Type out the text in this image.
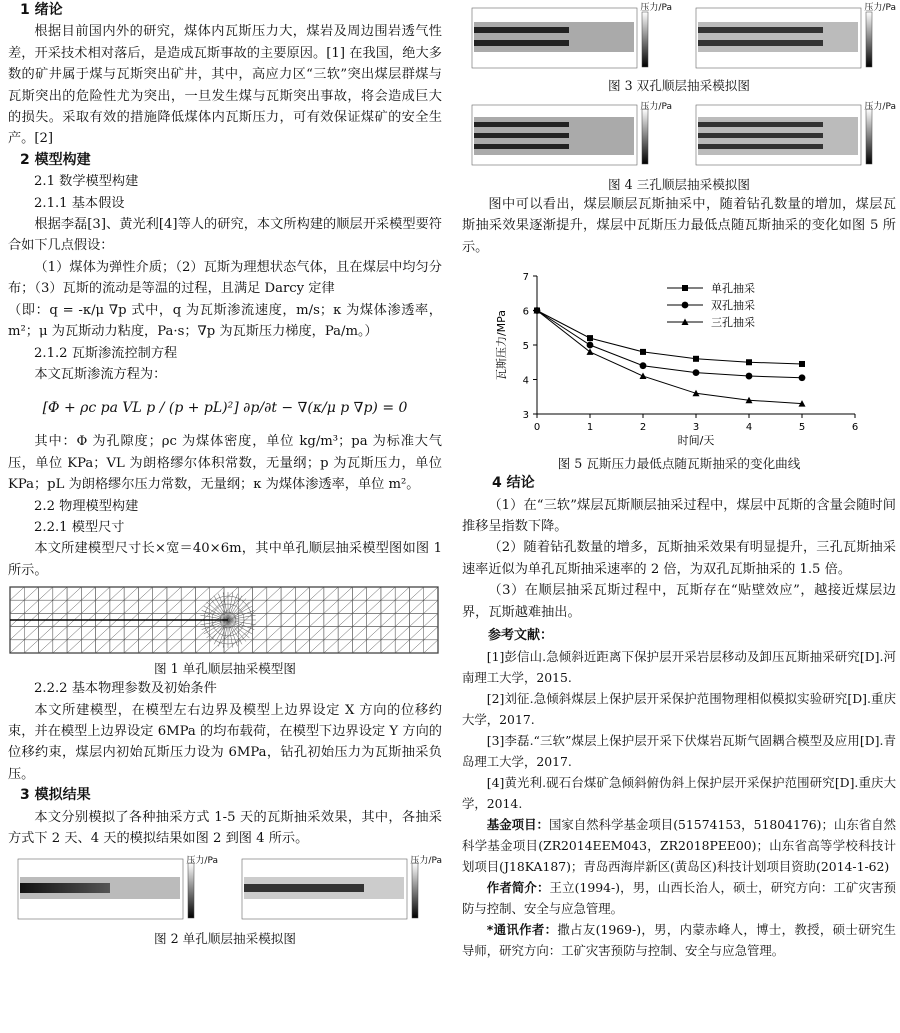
1 绪论

根据目前国内外的研究，煤体内瓦斯压力大，煤岩及周边围岩透气性差，开采技术相对落后，是造成瓦斯事故的主要原因。[1] 在我国，绝大多数的矿井属于煤与瓦斯突出矿井，其中，高应力区“三软”突出煤层群煤与瓦斯突出的危险性尤为突出，一旦发生煤与瓦斯突出事故，将会造成巨大的损失。采取有效的措施降低煤体内瓦斯压力，可有效保证煤矿的安全生产。[2]

2 模型构建
2.1 数学模型构建
2.1.1 基本假设

根据李磊[3]、黄光利[4]等人的研究，本文所构建的顺层开采模型要符合如下几点假设：

（1）煤体为弹性介质；（2）瓦斯为理想状态气体，且在煤层中均匀分布；（3）瓦斯的流动是等温的过程，且满足 Darcy 定律

（即：q = -κ/μ ∇p 式中，q 为瓦斯渗流速度，m/s；κ 为煤体渗透率，m²；μ 为瓦斯动力粘度，Pa·s；∇p 为瓦斯压力梯度，Pa/m。）

2.1.2 瓦斯渗流控制方程

本文瓦斯渗流方程为：

[Φ + ρc pa VL p / (p + pL)²] ∂p/∂t − ∇(κ/μ p ∇p) = 0

其中：Φ 为孔隙度；ρc 为煤体密度，单位 kg/m³；pa 为标准大气压，单位 KPa；VL 为朗格缪尔体积常数，无量纲；p 为瓦斯压力，单位 KPa；pL 为朗格缪尔压力常数，无量纲；κ 为煤体渗透率，单位 m²。

2.2 物理模型构建
2.2.1 模型尺寸

本文所建模型尺寸长×宽＝40×6m，其中单孔顺层抽采模型图如图 1 所示。

图 1 单孔顺层抽采模型图
2.2.2 基本物理参数及初始条件

本文所建模型，在模型左右边界及模型上边界设定 X 方向的位移约束，并在模型上边界设定 6MPa 的均布载荷，在模型下边界设定 Y 方向的位移约束，煤层内初始瓦斯压力设为 6MPa，钻孔初始压力为瓦斯抽采负压。

3 模拟结果

本文分别模拟了各种抽采方式 1-5 天的瓦斯抽采效果，其中，各抽采方式下 2 天、4 天的模拟结果如图 2 到图 4 所示。

压力/Pa	压力/Pa
图 2 单孔顺层抽采模拟图
压力/Pa	压力/Pa
图 3 双孔顺层抽采模拟图
压力/Pa	压力/Pa
图 4 三孔顺层抽采模拟图

图中可以看出，煤层顺层瓦斯抽采中，随着钻孔数量的增加，煤层瓦斯抽采效果逐渐提升，煤层中瓦斯压力最低点随瓦斯抽采的变化如图 5 所示。

0	1	2	3	4	5	6
3
4
5
6
7
时间/天
瓦斯压力/MPa
单孔抽采
双孔抽采
三孔抽采
图 5 瓦斯压力最低点随瓦斯抽采的变化曲线
4 结论

（1）在“三软”煤层瓦斯顺层抽采过程中，煤层中瓦斯的含量会随时间推移呈指数下降。

（2）随着钻孔数量的增多，瓦斯抽采效果有明显提升，三孔瓦斯抽采速率近似为单孔瓦斯抽采速率的 2 倍，为双孔瓦斯抽采的 1.5 倍。

（3）在顺层抽采瓦斯过程中，瓦斯存在“贴壁效应”，越接近煤层边界，瓦斯越难抽出。

参考文献：

[1]彭信山.急倾斜近距离下保护层开采岩层移动及卸压瓦斯抽采研究[D].河南理工大学，2015.

[2]刘征.急倾斜煤层上保护层开采保护范围物理相似模拟实验研究[D].重庆大学，2017.

[3]李磊.“三软”煤层上保护层开采下伏煤岩瓦斯气固耦合模型及应用[D].青岛理工大学，2017.

[4]黄光利.砚石台煤矿急倾斜俯伪斜上保护层开采保护范围研究[D].重庆大学，2014.

基金项目：国家自然科学基金项目(51574153，51804176)；山东省自然科学基金项目(ZR2014EEM043，ZR2018PEE00)；山东省高等学校科技计划项目(J18KA187)；青岛西海岸新区(黄岛区)科技计划项目资助(2014-1-62)

作者简介：王立(1994-)，男，山西长治人，硕士，研究方向：工矿灾害预防与控制、安全与应急管理。

*通讯作者：撒占友(1969-)，男，内蒙赤峰人，博士，教授，硕士研究生导师，研究方向：工矿灾害预防与控制、安全与应急管理。
